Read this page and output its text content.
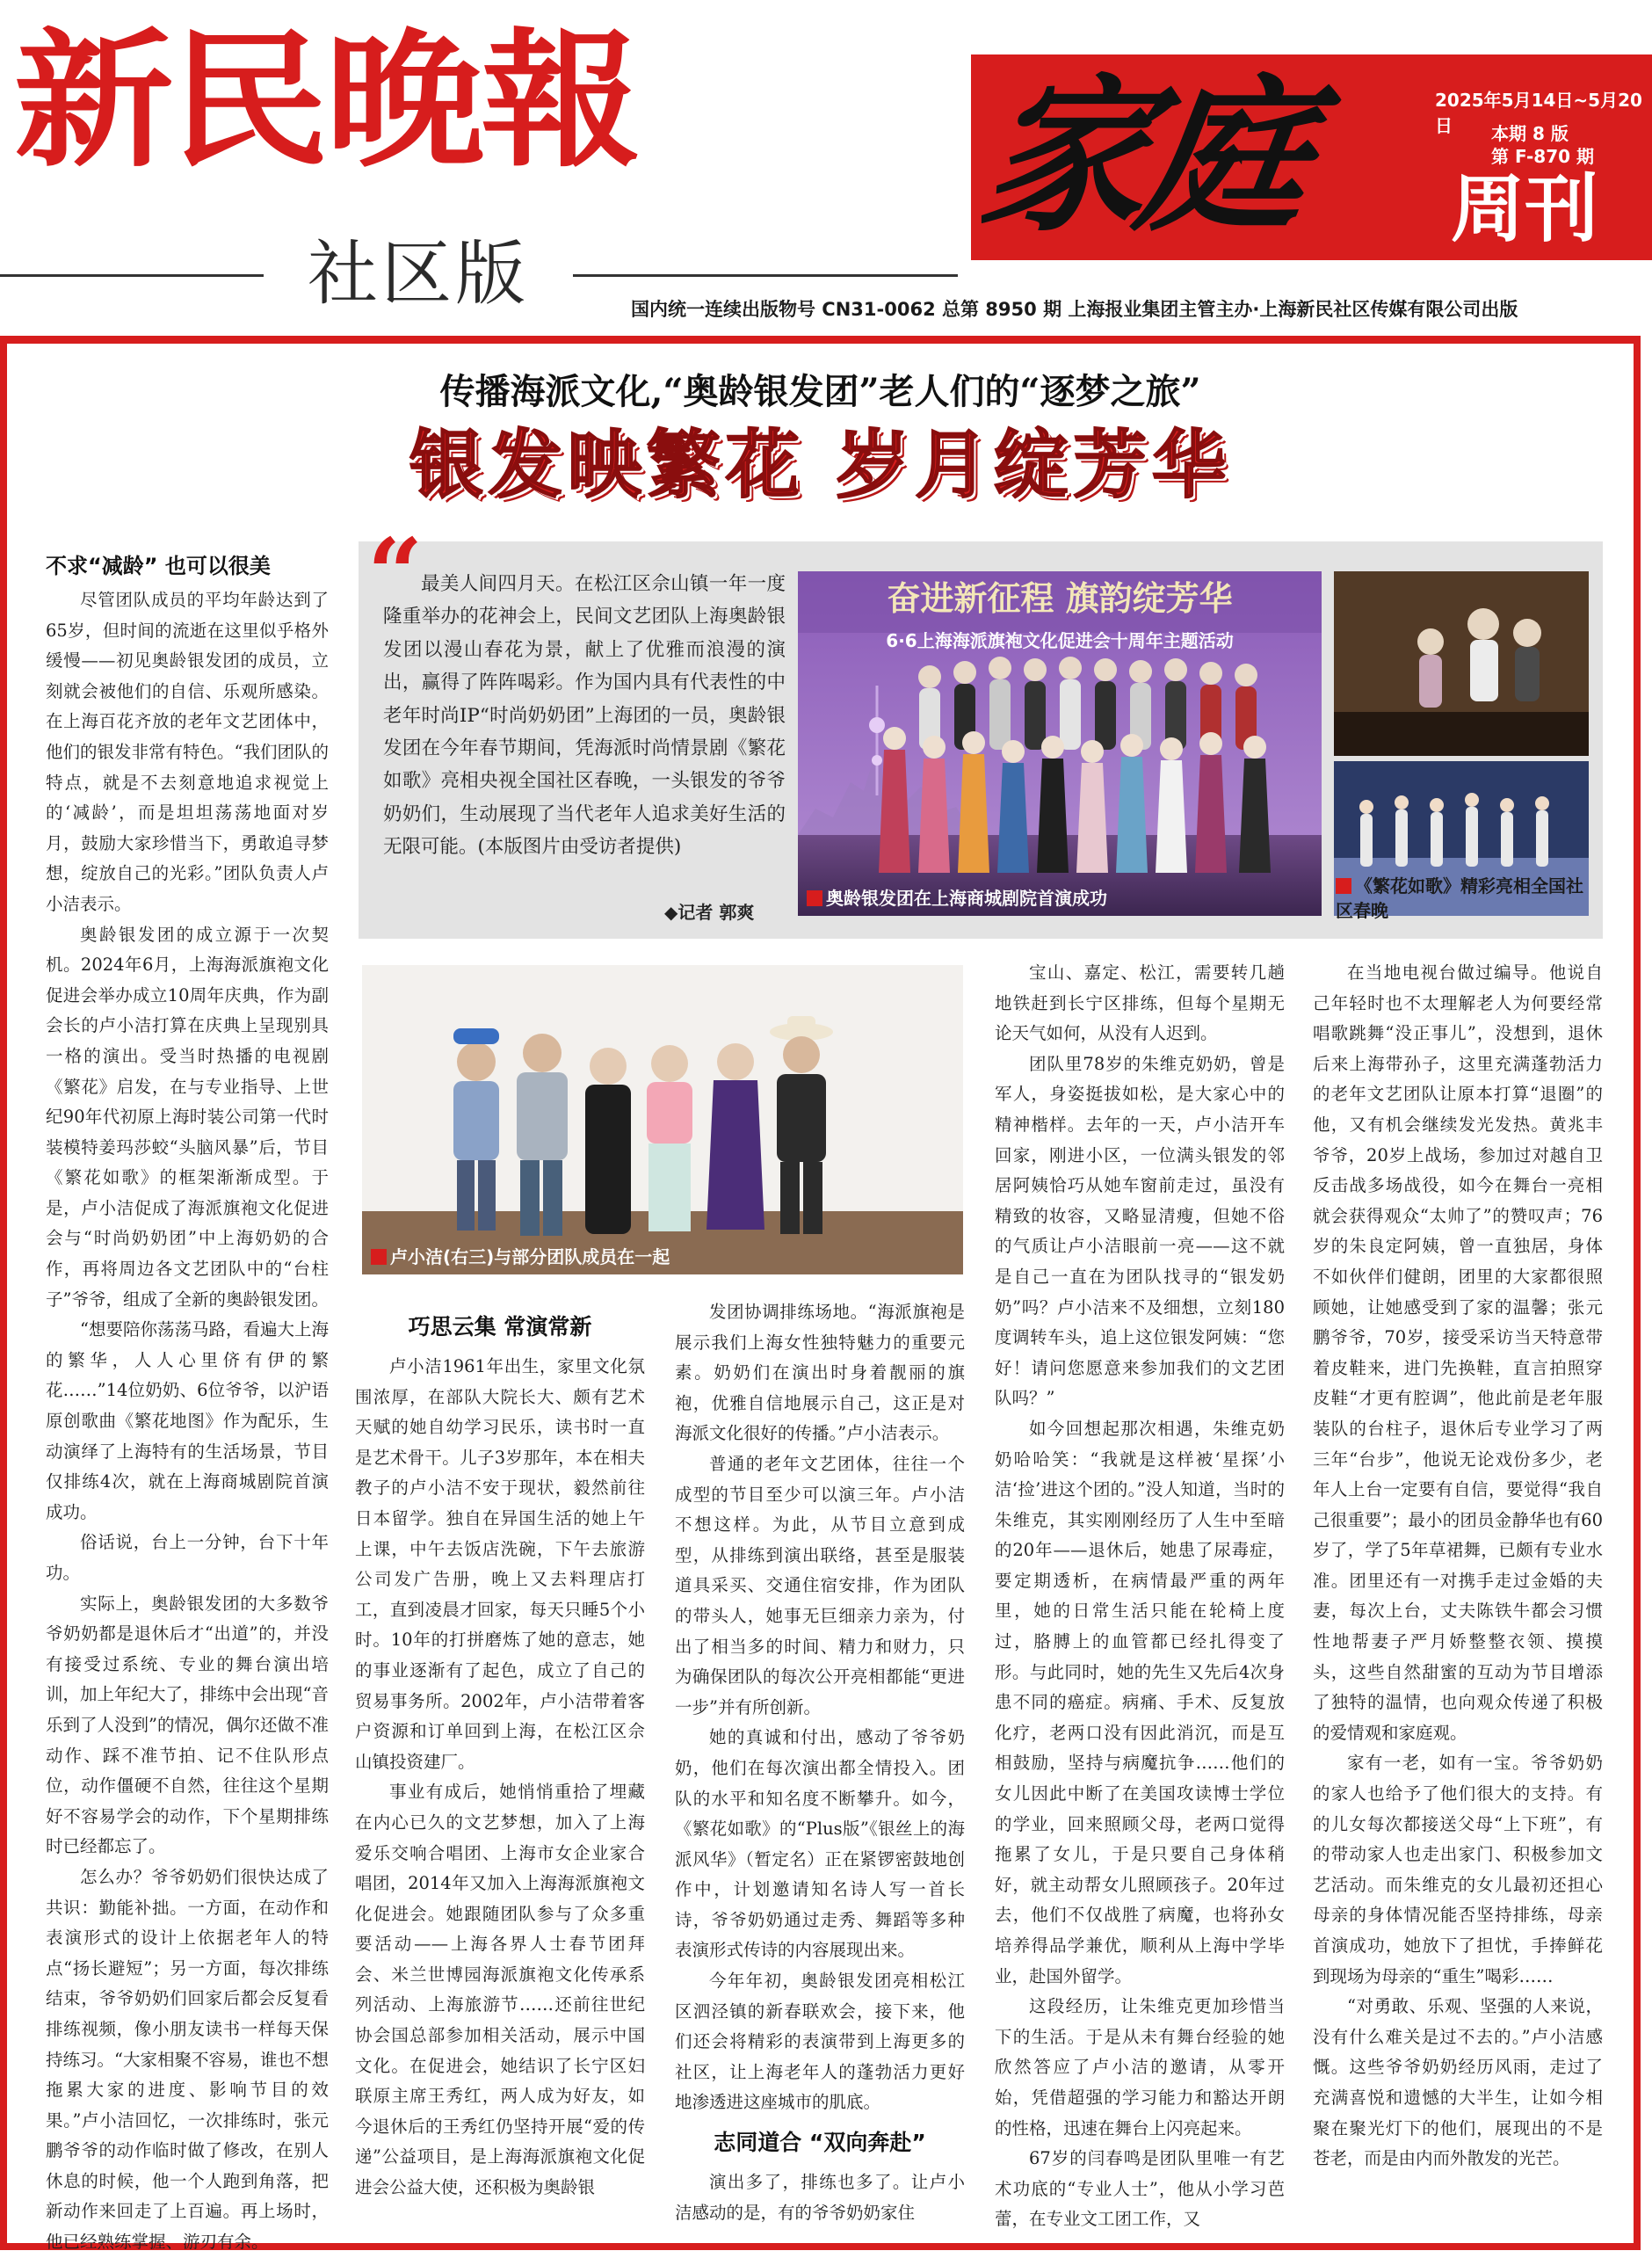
新民晚報
社区版
家庭	2025年5月14日~5月20日	本期 8 版
第 F-870 期
周刊
国内统一连续出版物号 CN31-0062 总第 8950 期 上海报业集团主管主办·上海新民社区传媒有限公司出版
传播海派文化,“奥龄银发团”老人们的“逐梦之旅”
银发映繁花 岁月绽芳华
“

最美人间四月天。在松江区佘山镇一年一度隆重举办的花神会上，民间文艺团队上海奥龄银发团以漫山春花为景，献上了优雅而浪漫的演出，赢得了阵阵喝彩。作为国内具有代表性的中老年时尚IP“时尚奶奶团”上海团的一员，奥龄银发团在今年春节期间，凭海派时尚情景剧《繁花如歌》亮相央视全国社区春晚，一头银发的爷爷奶奶们，生动展现了当代老年人追求美好生活的无限可能。(本版图片由受访者提供)

◆记者 郭爽
奋进新征程 旗韵绽芳华
6·6上海海派旗袍文化促进会十周年主题活动
奥龄银发团在上海商城剧院首演成功
《繁花如歌》精彩亮相全国社区春晚
卢小洁(右三)与部分团队成员在一起

不求“减龄” 也可以很美

尽管团队成员的平均年龄达到了65岁，但时间的流逝在这里似乎格外缓慢——初见奥龄银发团的成员，立刻就会被他们的自信、乐观所感染。在上海百花齐放的老年文艺团体中，他们的银发非常有特色。“我们团队的特点，就是不去刻意地追求视觉上的‘减龄’，而是坦坦荡荡地面对岁月，鼓励大家珍惜当下，勇敢追寻梦想，绽放自己的光彩。”团队负责人卢小洁表示。

奥龄银发团的成立源于一次契机。2024年6月，上海海派旗袍文化促进会举办成立10周年庆典，作为副会长的卢小洁打算在庆典上呈现别具一格的演出。受当时热播的电视剧《繁花》启发，在与专业指导、上世纪90年代初原上海时装公司第一代时装模特姜玛莎蛟“头脑风暴”后，节目《繁花如歌》的框架渐渐成型。于是，卢小洁促成了海派旗袍文化促进会与“时尚奶奶团”中上海奶奶的合作，再将周边各文艺团队中的“台柱子”爷爷，组成了全新的奥龄银发团。

“想要陪你荡荡马路，看遍大上海的繁华，人人心里侪有伊的繁花……”14位奶奶、6位爷爷，以沪语原创歌曲《繁花地图》作为配乐，生动演绎了上海特有的生活场景，节目仅排练4次，就在上海商城剧院首演成功。

俗话说，台上一分钟，台下十年功。

实际上，奥龄银发团的大多数爷爷奶奶都是退休后才“出道”的，并没有接受过系统、专业的舞台演出培训，加上年纪大了，排练中会出现“音乐到了人没到”的情况，偶尔还做不准动作、踩不准节拍、记不住队形点位，动作僵硬不自然，往往这个星期好不容易学会的动作，下个星期排练时已经都忘了。

怎么办？爷爷奶奶们很快达成了共识：勤能补拙。一方面，在动作和表演形式的设计上依据老年人的特点“扬长避短”；另一方面，每次排练结束，爷爷奶奶们回家后都会反复看排练视频，像小朋友读书一样每天保持练习。“大家相聚不容易，谁也不想拖累大家的进度、影响节目的效果。”卢小洁回忆，一次排练时，张元鹏爷爷的动作临时做了修改，在别人休息的时候，他一个人跑到角落，把新动作来回走了上百遍。再上场时，他已经熟练掌握、游刃有余。

巧思云集 常演常新

卢小洁1961年出生，家里文化氛围浓厚，在部队大院长大、颇有艺术天赋的她自幼学习民乐，读书时一直是艺术骨干。儿子3岁那年，本在相夫教子的卢小洁不安于现状，毅然前往日本留学。独自在异国生活的她上午上课，中午去饭店洗碗，下午去旅游公司发广告册，晚上又去料理店打工，直到凌晨才回家，每天只睡5个小时。10年的打拼磨炼了她的意志，她的事业逐渐有了起色，成立了自己的贸易事务所。2002年，卢小洁带着客户资源和订单回到上海，在松江区佘山镇投资建厂。

事业有成后，她悄悄重拾了埋藏在内心已久的文艺梦想，加入了上海爱乐交响合唱团、上海市女企业家合唱团，2014年又加入上海海派旗袍文化促进会。她跟随团队参与了众多重要活动——上海各界人士春节团拜会、米兰世博园海派旗袍文化传承系列活动、上海旅游节……还前往世纪协会国总部参加相关活动，展示中国文化。在促进会，她结识了长宁区妇联原主席王秀红，两人成为好友，如今退休后的王秀红仍坚持开展“爱的传递”公益项目，是上海海派旗袍文化促进会公益大使，还积极为奥龄银

发团协调排练场地。“海派旗袍是展示我们上海女性独特魅力的重要元素。奶奶们在演出时身着靓丽的旗袍，优雅自信地展示自己，这正是对海派文化很好的传播。”卢小洁表示。

普通的老年文艺团体，往往一个成型的节目至少可以演三年。卢小洁不想这样。为此，从节目立意到成型，从排练到演出联络，甚至是服装道具采买、交通住宿安排，作为团队的带头人，她事无巨细亲力亲为，付出了相当多的时间、精力和财力，只为确保团队的每次公开亮相都能“更进一步”并有所创新。

她的真诚和付出，感动了爷爷奶奶，他们在每次演出都全情投入。团队的水平和知名度不断攀升。如今，《繁花如歌》的“Plus版”《银丝上的海派风华》（暂定名）正在紧锣密鼓地创作中，计划邀请知名诗人写一首长诗，爷爷奶奶通过走秀、舞蹈等多种表演形式传诗的内容展现出来。

今年年初，奥龄银发团亮相松江区泗泾镇的新春联欢会，接下来，他们还会将精彩的表演带到上海更多的社区，让上海老年人的蓬勃活力更好地渗透进这座城市的肌底。

志同道合 “双向奔赴”

演出多了，排练也多了。让卢小洁感动的是，有的爷爷奶奶家住

宝山、嘉定、松江，需要转几趟地铁赶到长宁区排练，但每个星期无论天气如何，从没有人迟到。

团队里78岁的朱维克奶奶，曾是军人，身姿挺拔如松，是大家心中的精神楷样。去年的一天，卢小洁开车回家，刚进小区，一位满头银发的邻居阿姨恰巧从她车窗前走过，虽没有精致的妆容，又略显清瘦，但她不俗的气质让卢小洁眼前一亮——这不就是自己一直在为团队找寻的“银发奶奶”吗？卢小洁来不及细想，立刻180度调转车头，追上这位银发阿姨：“您好！请问您愿意来参加我们的文艺团队吗？”

如今回想起那次相遇，朱维克奶奶哈哈笑：“我就是这样被‘星探’小洁‘捡’进这个团的。”没人知道，当时的朱维克，其实刚刚经历了人生中至暗的20年——退休后，她患了尿毒症，要定期透析，在病情最严重的两年里，她的日常生活只能在轮椅上度过，胳膊上的血管都已经扎得变了形。与此同时，她的先生又先后4次身患不同的癌症。病痛、手术、反复放化疗，老两口没有因此消沉，而是互相鼓励，坚持与病魔抗争……他们的女儿因此中断了在美国攻读博士学位的学业，回来照顾父母，老两口觉得拖累了女儿，于是只要自己身体稍好，就主动帮女儿照顾孩子。20年过去，他们不仅战胜了病魔，也将孙女培养得品学兼优，顺利从上海中学毕业，赴国外留学。

这段经历，让朱维克更加珍惜当下的生活。于是从未有舞台经验的她欣然答应了卢小洁的邀请，从零开始，凭借超强的学习能力和豁达开朗的性格，迅速在舞台上闪亮起来。

67岁的闫春鸣是团队里唯一有艺术功底的“专业人士”，他从小学习芭蕾，在专业文工团工作，又

在当地电视台做过编导。他说自己年轻时也不太理解老人为何要经常唱歌跳舞“没正事儿”，没想到，退休后来上海带孙子，这里充满蓬勃活力的老年文艺团队让原本打算“退圈”的他，又有机会继续发光发热。黄兆丰爷爷，20岁上战场，参加过对越自卫反击战多场战役，如今在舞台一亮相就会获得观众“太帅了”的赞叹声；76岁的朱良定阿姨，曾一直独居，身体不如伙伴们健朗，团里的大家都很照顾她，让她感受到了家的温馨；张元鹏爷爷，70岁，接受采访当天特意带着皮鞋来，进门先换鞋，直言拍照穿皮鞋“才更有腔调”，他此前是老年服装队的台柱子，退休后专业学习了两三年“台步”，他说无论戏份多少，老年人上台一定要有自信，要觉得“我自己很重要”；最小的团员金静华也有60岁了，学了5年草裙舞，已颇有专业水准。团里还有一对携手走过金婚的夫妻，每次上台，丈夫陈铁牛都会习惯性地帮妻子严月娇整整衣领、摸摸头，这些自然甜蜜的互动为节目增添了独特的温情，也向观众传递了积极的爱情观和家庭观。

家有一老，如有一宝。爷爷奶奶的家人也给予了他们很大的支持。有的儿女每次都接送父母“上下班”，有的带动家人也走出家门、积极参加文艺活动。而朱维克的女儿最初还担心母亲的身体情况能否坚持排练，母亲首演成功，她放下了担忧，手捧鲜花到现场为母亲的“重生”喝彩……

“对勇敢、乐观、坚强的人来说，没有什么难关是过不去的。”卢小洁感慨。这些爷爷奶奶经历风雨，走过了充满喜悦和遗憾的大半生，让如今相聚在聚光灯下的他们，展现出的不是苍老，而是由内而外散发的光芒。
